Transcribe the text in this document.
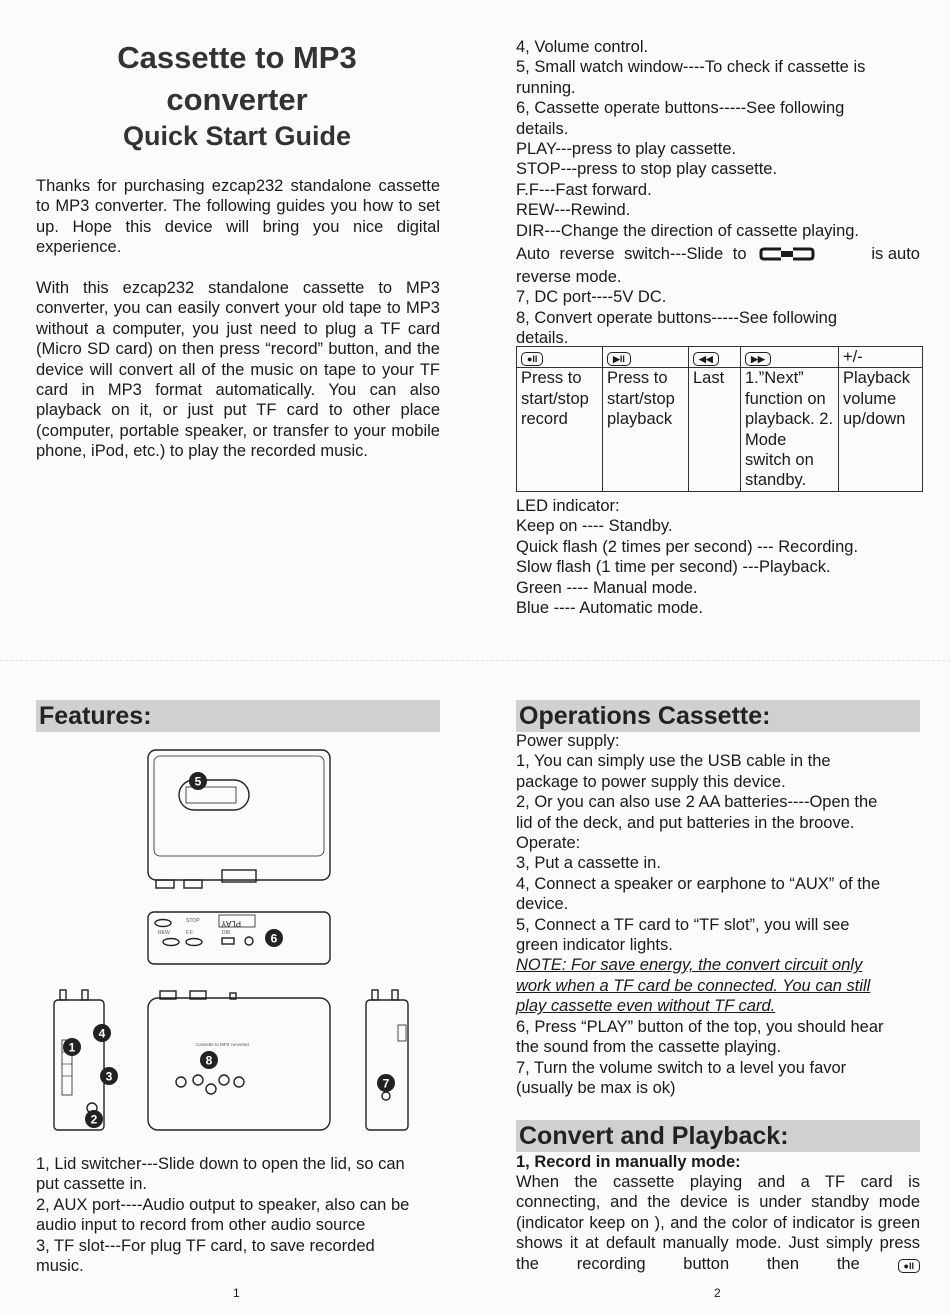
Cassette to MP3
converter
Quick Start Guide
Thanks for purchasing ezcap232 standalone cassette to MP3 converter. The following guides you how to set up. Hope this device will bring you nice digital experience.
With this ezcap232 standalone cassette to MP3 converter, you can easily convert your old tape to MP3 without a computer, you just need to plug a TF card (Micro SD card) on then press “record” button, and the device will convert all of the music on tape to your TF card in MP3 format automatically. You can also playback on it, or just put TF card to other place (computer, portable speaker, or transfer to your mobile phone, iPod, etc.) to play the recorded music.
4, Volume control.
5, Small watch window----To check if cassette is
running.
6, Cassette operate buttons-----See following
details.
PLAY---press to play cassette.
STOP---press to stop play cassette.
F.F---Fast forward.
REW---Rewind.
DIR---Change the direction of cassette playing.
Auto reverse switch---Slide to	is auto
reverse mode.
7, DC port----5V DC.
8, Convert operate buttons-----See following
details.
●II	▶II	◀◀	▶▶	+/-
Press to start/stop record	Press to start/stop playback	Last	1.”Next” function on playback. 2. Mode switch on standby.	Playback volume up/down
LED indicator:
Keep on ---- Standby.
Quick flash (2 times per second) --- Recording.
Slow flash (1 time per second) ---Playback.
Green ---- Manual mode.
Blue ---- Automatic mode.
Features:
PLAY
STOP
REW	F.F	DIR
Cassette to MP3 converter
5
6
4
1
3
2
8
7
1, Lid switcher---Slide down to open the lid, so can
put cassette in.
2, AUX port----Audio output to speaker, also can be
audio input to record from other audio source
3, TF slot---For plug TF card, to save recorded
music.
1
Operations Cassette:
Power supply:
1, You can simply use the USB cable in the
package to power supply this device.
2, Or you can also use 2 AA batteries----Open the
lid of the deck, and put batteries in the broove.
Operate:
3, Put a cassette in.
4, Connect a speaker or earphone to “AUX” of the
device.
5, Connect a TF card to “TF slot”, you will see
green indicator lights.
NOTE: For save energy, the convert circuit only
work when a TF card be connected. You can still
play cassette even without TF card.
6, Press “PLAY” button of the top, you should hear
the sound from the cassette playing.
7, Turn the volume switch to a level you favor
(usually be max is ok)
Convert and Playback:
1, Record in manually mode:
When the cassette playing and a TF card is connecting, and the device is under standby mode (indicator keep on ), and the color of indicator is green shows it at default manually mode. Just simply press the recording button then the	●II
2
